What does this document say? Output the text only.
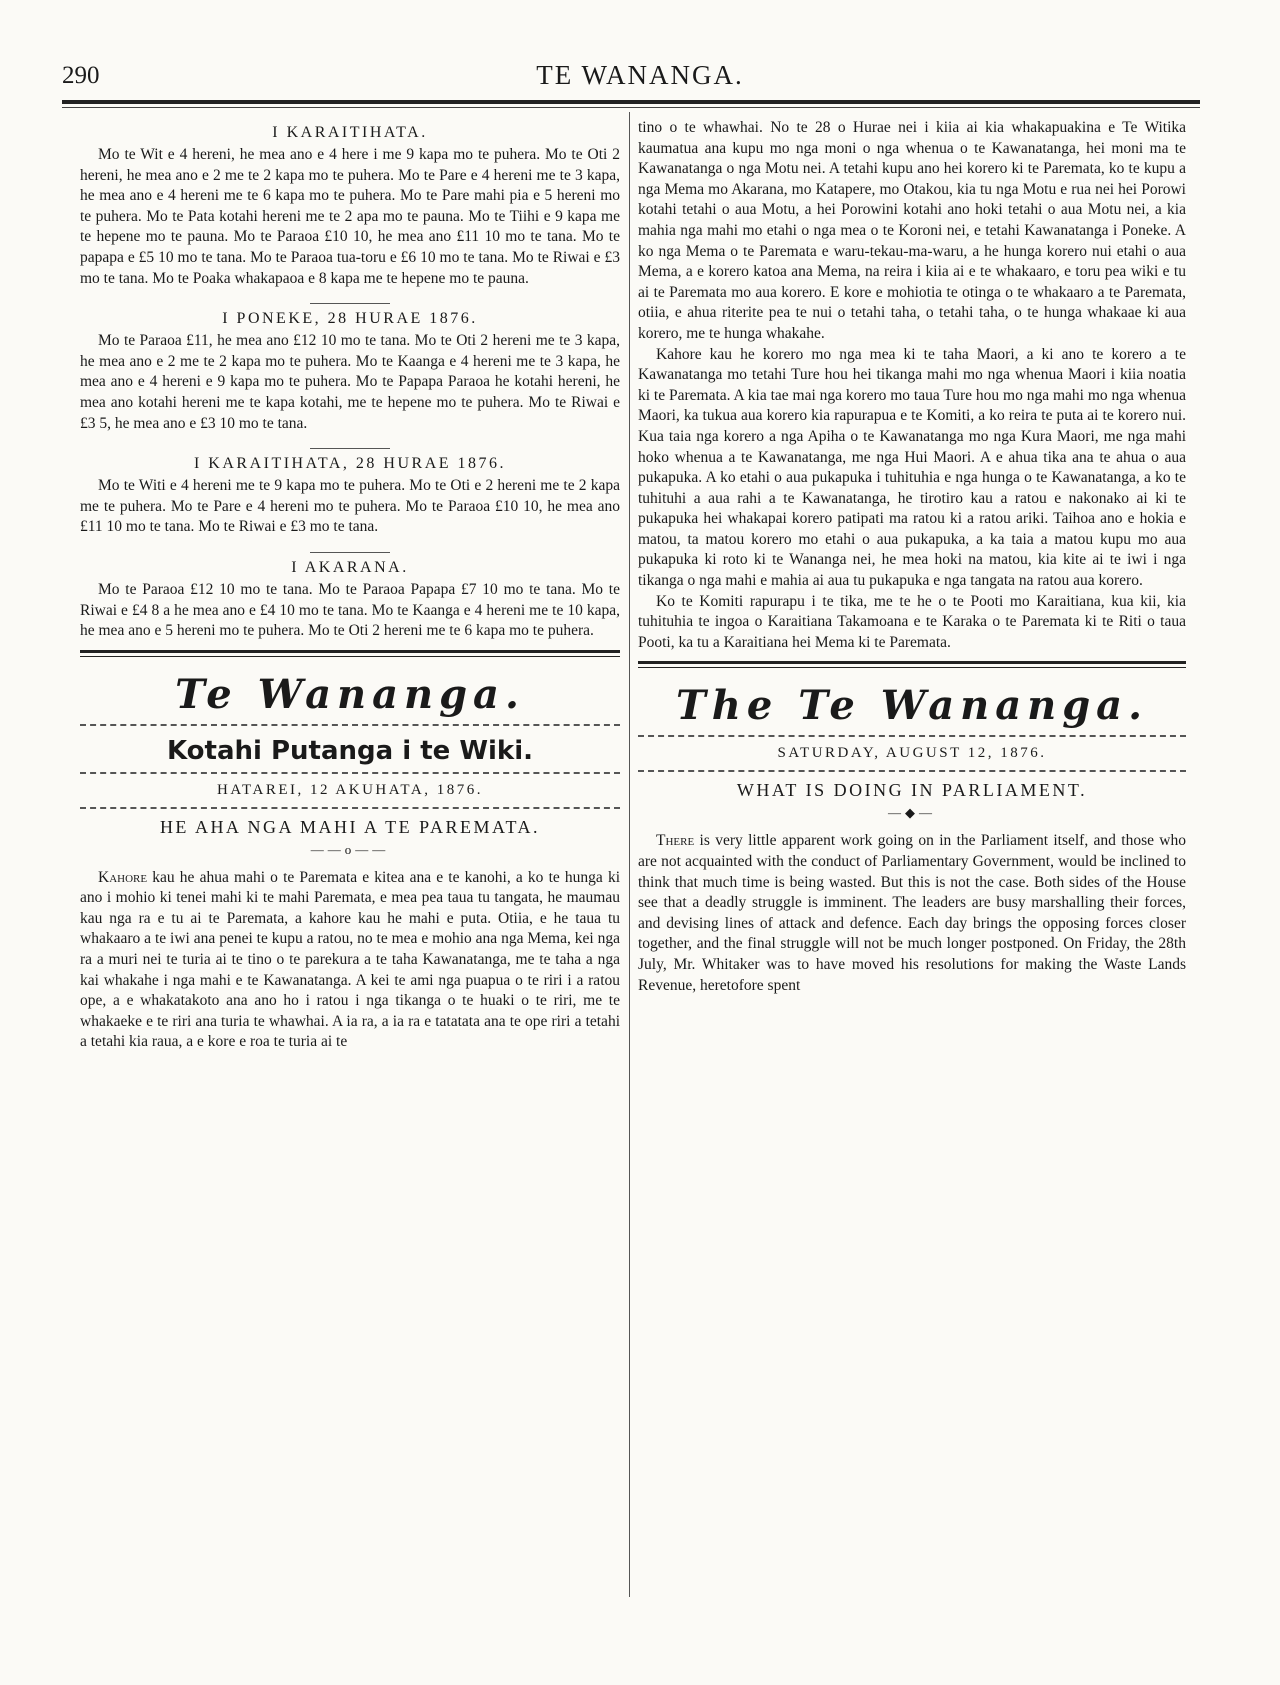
290	TE WANANGA.
I KARAITIHATA.

Mo te Wit e 4 hereni, he mea ano e 4 here i me 9 kapa mo te puhera. Mo te Oti 2 hereni, he mea ano e 2 me te 2 kapa mo te puhera. Mo te Pare e 4 hereni me te 3 kapa, he mea ano e 4 hereni me te 6 kapa mo te puhera. Mo te Pare mahi pia e 5 hereni mo te puhera. Mo te Pata kotahi hereni me te 2 apa mo te pauna. Mo te Tiihi e 9 kapa me te hepene mo te pauna. Mo te Paraoa £10 10, he mea ano £11 10 mo te tana. Mo te papapa e £5 10 mo te tana. Mo te Paraoa tua-toru e £6 10 mo te tana. Mo te Riwai e £3 mo te tana. Mo te Poaka whakapaoa e 8 kapa me te hepene mo te pauna.

I PONEKE, 28 HURAE 1876.

Mo te Paraoa £11, he mea ano £12 10 mo te tana. Mo te Oti 2 hereni me te 3 kapa, he mea ano e 2 me te 2 kapa mo te puhera. Mo te Kaanga e 4 hereni me te 3 kapa, he mea ano e 4 hereni e 9 kapa mo te puhera. Mo te Papapa Paraoa he kotahi hereni, he mea ano kotahi hereni me te kapa kotahi, me te hepene mo te puhera. Mo te Riwai e £3 5, he mea ano e £3 10 mo te tana.

I KARAITIHATA, 28 HURAE 1876.

Mo te Witi e 4 hereni me te 9 kapa mo te puhera. Mo te Oti e 2 hereni me te 2 kapa me te puhera. Mo te Pare e 4 hereni mo te puhera. Mo te Paraoa £10 10, he mea ano £11 10 mo te tana. Mo te Riwai e £3 mo te tana.

I AKARANA.

Mo te Paraoa £12 10 mo te tana. Mo te Paraoa Papapa £7 10 mo te tana. Mo te Riwai e £4 8 a he mea ano e £4 10 mo te tana. Mo te Kaanga e 4 hereni me te 10 kapa, he mea ano e 5 hereni mo te puhera. Mo te Oti 2 hereni me te 6 kapa mo te puhera.

Te Wananga.
Kotahi Putanga i te Wiki.
HATAREI, 12 AKUHATA, 1876.
HE AHA NGA MAHI A TE PAREMATA.
——o——

Kahore kau he ahua mahi o te Paremata e kitea ana e te kanohi, a ko te hunga ki ano i mohio ki tenei mahi ki te mahi Paremata, e mea pea taua tu tangata, he maumau kau nga ra e tu ai te Paremata, a kahore kau he mahi e puta. Otiia, e he taua tu whakaaro a te iwi ana penei te kupu a ratou, no te mea e mohio ana nga Mema, kei nga ra a muri nei te turia ai te tino o te parekura a te taha Kawanatanga, me te taha a nga kai whakahe i nga mahi e te Kawanatanga. A kei te ami nga puapua o te riri i a ratou ope, a e whakatakoto ana ano ho i ratou i nga tikanga o te huaki o te riri, me te whakaeke e te riri ana turia te whawhai. A ia ra, a ia ra e tatatata ana te ope riri a tetahi a tetahi kia raua, a e kore e roa te turia ai te

tino o te whawhai. No te 28 o Hurae nei i kiia ai kia whakapuakina e Te Witika kaumatua ana kupu mo nga moni o nga whenua o te Kawanatanga, hei moni ma te Kawanatanga o nga Motu nei. A tetahi kupu ano hei korero ki te Paremata, ko te kupu a nga Mema mo Akarana, mo Katapere, mo Otakou, kia tu nga Motu e rua nei hei Porowi kotahi tetahi o aua Motu, a hei Porowini kotahi ano hoki tetahi o aua Motu nei, a kia mahia nga mahi mo etahi o nga mea o te Koroni nei, e tetahi Kawanatanga i Poneke. A ko nga Mema o te Paremata e waru-tekau-ma-waru, a he hunga korero nui etahi o aua Mema, a e korero katoa ana Mema, na reira i kiia ai e te whakaaro, e toru pea wiki e tu ai te Paremata mo aua korero. E kore e mohiotia te otinga o te whakaaro a te Paremata, otiia, e ahua riterite pea te nui o tetahi taha, o tetahi taha, o te hunga whakaae ki aua korero, me te hunga whakahe.

Kahore kau he korero mo nga mea ki te taha Maori, a ki ano te korero a te Kawanatanga mo tetahi Ture hou hei tikanga mahi mo nga whenua Maori i kiia noatia ki te Paremata. A kia tae mai nga korero mo taua Ture hou mo nga mahi mo nga whenua Maori, ka tukua aua korero kia rapurapua e te Komiti, a ko reira te puta ai te korero nui. Kua taia nga korero a nga Apiha o te Kawanatanga mo nga Kura Maori, me nga mahi hoko whenua a te Kawanatanga, me nga Hui Maori. A e ahua tika ana te ahua o aua pukapuka. A ko etahi o aua pukapuka i tuhituhia e nga hunga o te Kawanatanga, a ko te tuhituhi a aua rahi a te Kawanatanga, he tirotiro kau a ratou e nakonako ai ki te pukapuka hei whakapai korero patipati ma ratou ki a ratou ariki. Taihoa ano e hokia e matou, ta matou korero mo etahi o aua pukapuka, a ka taia a matou kupu mo aua pukapuka ki roto ki te Wananga nei, he mea hoki na matou, kia kite ai te iwi i nga tikanga o nga mahi e mahia ai aua tu pukapuka e nga tangata na ratou aua korero.

Ko te Komiti rapurapu i te tika, me te he o te Pooti mo Karaitiana, kua kii, kia tuhituhia te ingoa o Karaitiana Takamoana e te Karaka o te Paremata ki te Riti o taua Pooti, ka tu a Karaitiana hei Mema ki te Paremata.

The Te Wananga.
SATURDAY, AUGUST 12, 1876.
WHAT IS DOING IN PARLIAMENT.
—◆—

There is very little apparent work going on in the Parliament itself, and those who are not acquainted with the conduct of Parliamentary Government, would be inclined to think that much time is being wasted. But this is not the case. Both sides of the House see that a deadly struggle is imminent. The leaders are busy marshalling their forces, and devising lines of attack and defence. Each day brings the opposing forces closer together, and the final struggle will not be much longer postponed. On Friday, the 28th July, Mr. Whitaker was to have moved his resolutions for making the Waste Lands Revenue, heretofore spent
